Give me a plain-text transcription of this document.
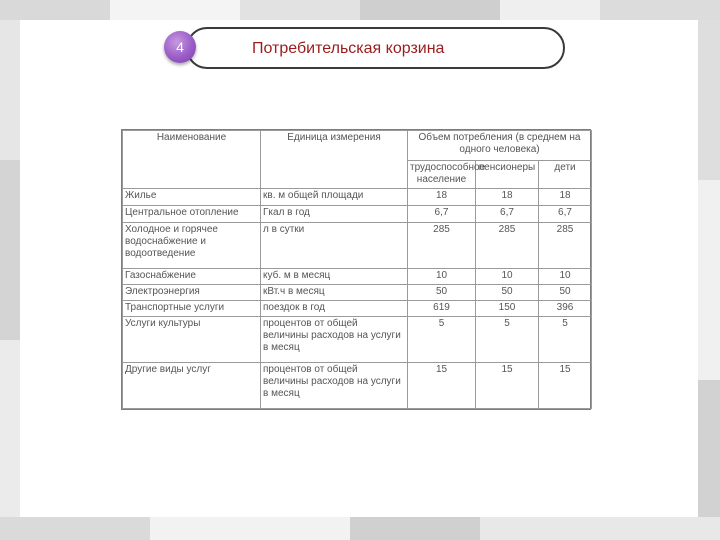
4	Потребительская корзина
Наименование	Единица измерения	Объем потребления (в среднем на одного человека)		
		трудоспособное население	пенсионеры	дети
Жилье	кв. м общей площади	18	18	18
Центральное отопление	Гкал в год	6,7	6,7	6,7
Холодное и горячее водоснабжение и водоотведение	л в сутки	285	285	285
Газоснабжение	куб. м в месяц	10	10	10
Электроэнергия	кВт.ч в месяц	50	50	50
Транспортные услуги	поездок в год	619	150	396
Услуги культуры	процентов от общей величины расходов на услуги в месяц	5	5	5
Другие виды услуг	процентов от общей величины расходов на услуги в месяц	15	15	15
